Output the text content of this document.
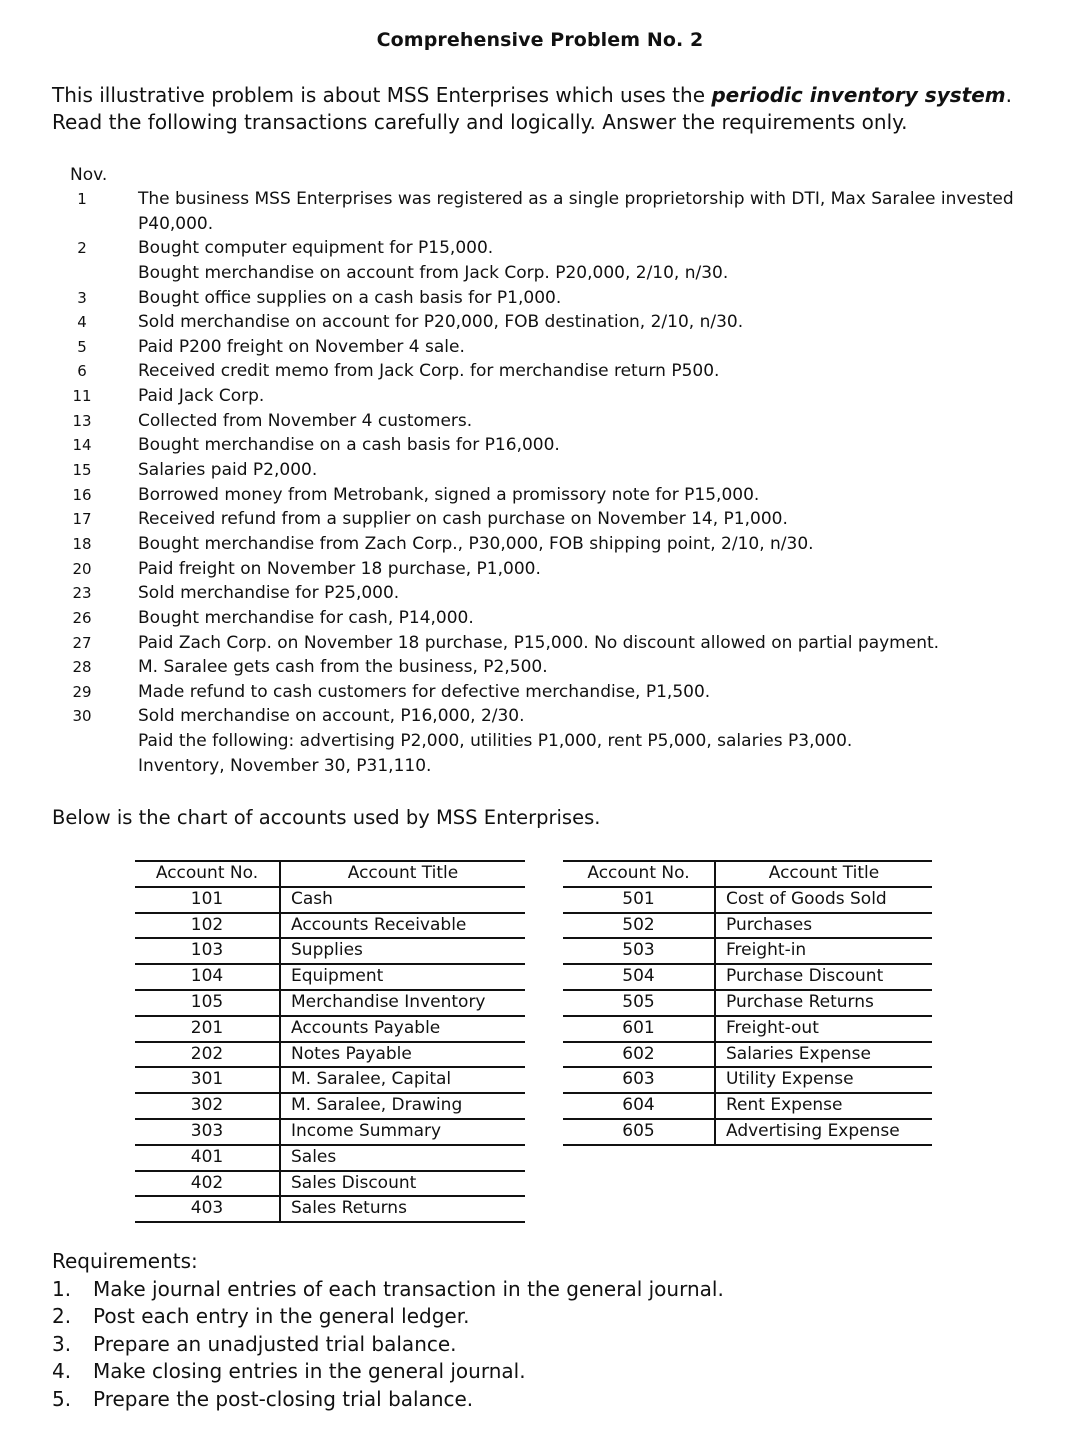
Comprehensive Problem No. 2

This illustrative problem is about MSS Enterprises which uses the periodic inventory system. Read the following transactions carefully and logically. Answer the requirements only.

Nov.
1	The business MSS Enterprises was registered as a single proprietorship with DTI, Max Saralee invested
P40,000.
2	Bought computer equipment for P15,000.
Bought merchandise on account from Jack Corp. P20,000, 2/10, n/30.
3	Bought office supplies on a cash basis for P1,000.
4	Sold merchandise on account for P20,000, FOB destination, 2/10, n/30.
5	Paid P200 freight on November 4 sale.
6	Received credit memo from Jack Corp. for merchandise return P500.
11	Paid Jack Corp.
13	Collected from November 4 customers.
14	Bought merchandise on a cash basis for P16,000.
15	Salaries paid P2,000.
16	Borrowed money from Metrobank, signed a promissory note for P15,000.
17	Received refund from a supplier on cash purchase on November 14, P1,000.
18	Bought merchandise from Zach Corp., P30,000, FOB shipping point, 2/10, n/30.
20	Paid freight on November 18 purchase, P1,000.
23	Sold merchandise for P25,000.
26	Bought merchandise for cash, P14,000.
27	Paid Zach Corp. on November 18 purchase, P15,000. No discount allowed on partial payment.
28	M. Saralee gets cash from the business, P2,500.
29	Made refund to cash customers for defective merchandise, P1,500.
30	Sold merchandise on account, P16,000, 2/30.
Paid the following: advertising P2,000, utilities P1,000, rent P5,000, salaries P3,000.
Inventory, November 30, P31,110.
Below is the chart of accounts used by MSS Enterprises.
Account No.	Account Title
101	Cash
102	Accounts Receivable
103	Supplies
104	Equipment
105	Merchandise Inventory
201	Accounts Payable
202	Notes Payable
301	M. Saralee, Capital
302	M. Saralee, Drawing
303	Income Summary
401	Sales
402	Sales Discount
403	Sales Returns
Account No.	Account Title
501	Cost of Goods Sold
502	Purchases
503	Freight-in
504	Purchase Discount
505	Purchase Returns
601	Freight-out
602	Salaries Expense
603	Utility Expense
604	Rent Expense
605	Advertising Expense
Requirements:
1.	Make journal entries of each transaction in the general journal.
2.	Post each entry in the general ledger.
3.	Prepare an unadjusted trial balance.
4.	Make closing entries in the general journal.
5.	Prepare the post-closing trial balance.
